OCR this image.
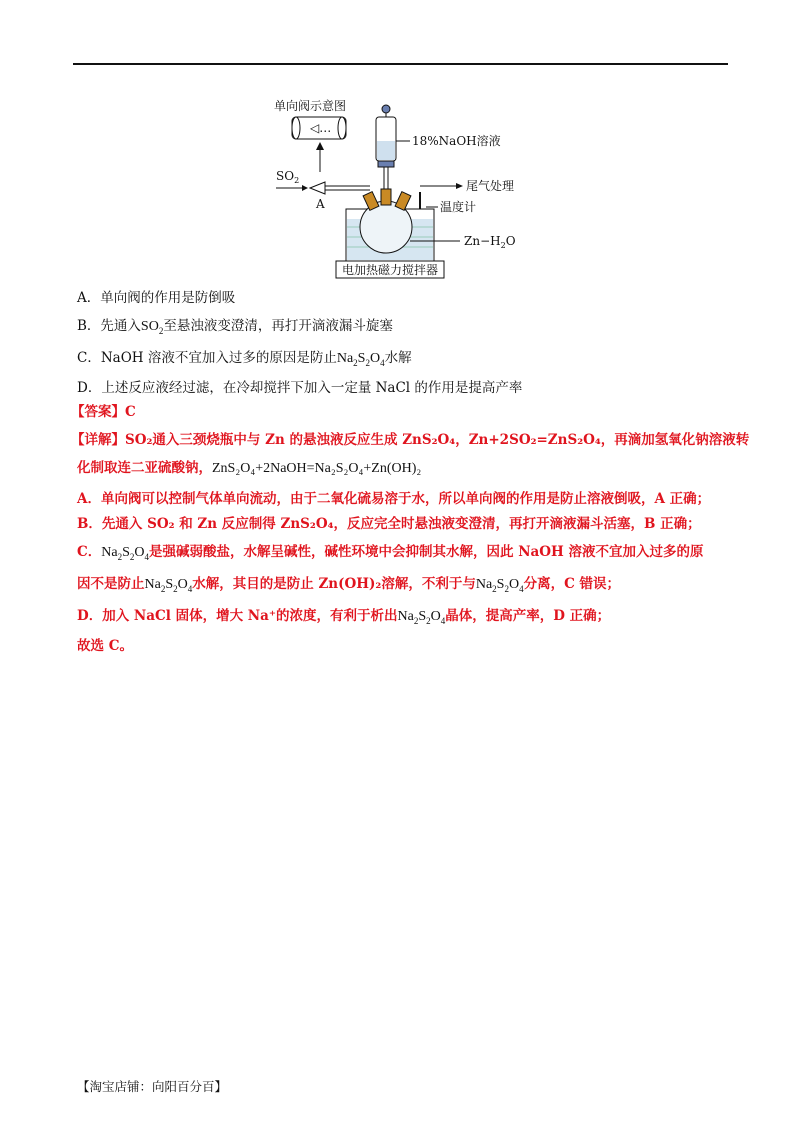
单向阀示意图
◁…
$SO_2$
A
18%NaOH溶液
尾气处理
温度计
$Zn-H_2O$
电加热磁力搅拌器
A．单向阀的作用是防倒吸
B．先通入$SO_2$至悬浊液变澄清，再打开滴液漏斗旋塞
C．NaOH 溶液不宜加入过多的原因是防止$Na_2S_2O_4$水解
D．上述反应液经过滤，在冷却搅拌下加入一定量 NaCl 的作用是提高产率
【答案】C
【详解】SO₂通入三颈烧瓶中与 Zn 的悬浊液反应生成 ZnS₂O₄，Zn+2SO₂=ZnS₂O₄，再滴加氢氧化钠溶液转
化制取连二亚硫酸钠，ZnS₂O₄+2NaOH=Na₂S₂O₄+Zn(OH)₂
A．单向阀可以控制气体单向流动，由于二氧化硫易溶于水，所以单向阀的作用是防止溶液倒吸，A 正确；
B．先通入 SO₂ 和 Zn 反应制得 ZnS₂O₄，反应完全时悬浊液变澄清，再打开滴液漏斗活塞，B 正确；
C．$Na_2S_2O_4$是强碱弱酸盐，水解呈碱性，碱性环境中会抑制其水解，因此 NaOH 溶液不宜加入过多的原
因不是防止$Na_2S_2O_4$水解，其目的是防止 Zn(OH)₂溶解，不利于与$Na_2S_2O_4$分离，C 错误；
D．加入 NaCl 固体，增大 Na⁺的浓度，有利于析出$Na_2S_2O_4$晶体，提高产率，D 正确；
故选 C。
【淘宝店铺：向阳百分百】
